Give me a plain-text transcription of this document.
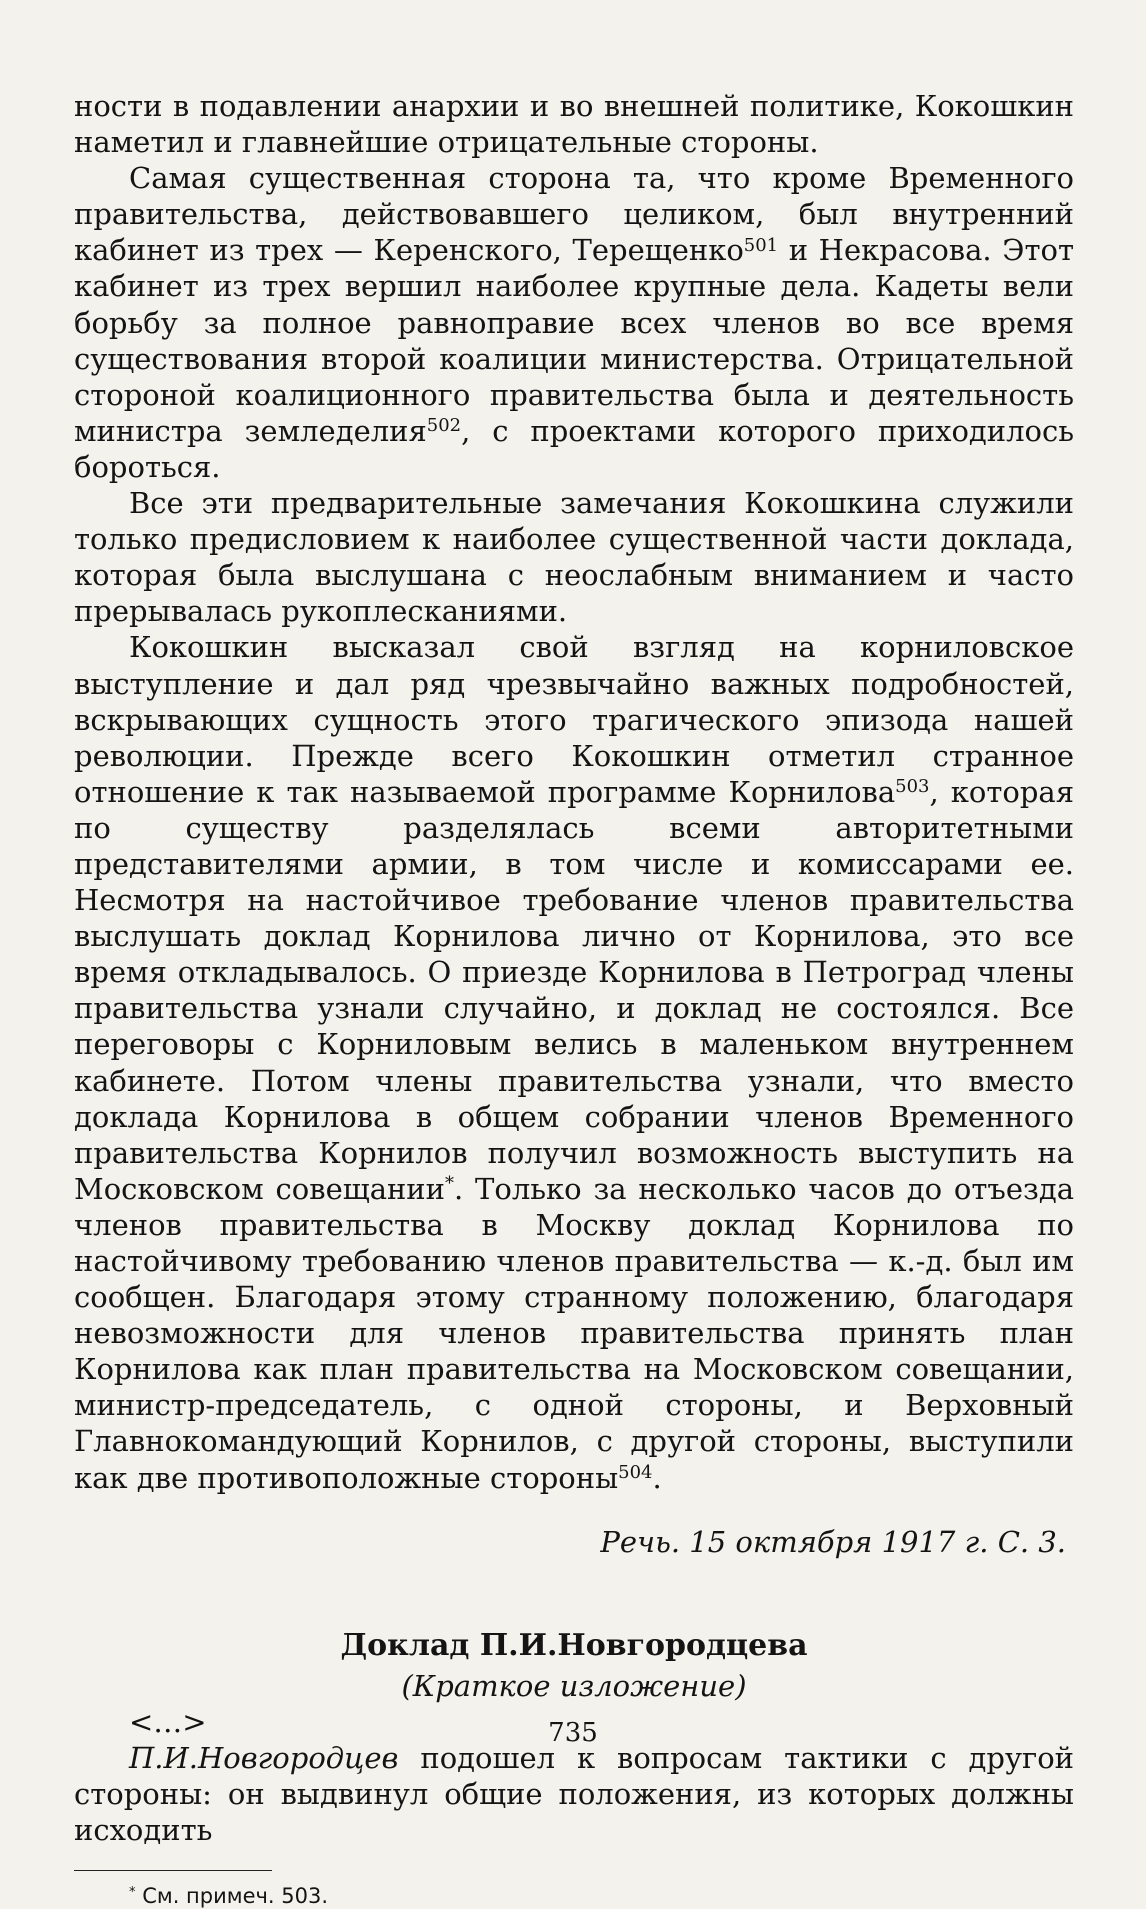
ности в подавлении анархии и во внешней политике, Кокошкин наметил и главнейшие отрицательные стороны.

Самая существенная сторона та, что кроме Временного правительства, действовавшего целиком, был внутренний кабинет из трех — Керенского, Терещенко$^{501}$ и Некрасова. Этот кабинет из трех вершил наиболее крупные дела. Кадеты вели борьбу за полное равноправие всех членов во все время существования второй коалиции министерства. Отрицательной стороной коалиционного правительства была и деятельность министра земледелия$^{502}$, с проектами которого приходилось бороться.

Все эти предварительные замечания Кокошкина служили только предисловием к наиболее существенной части доклада, которая была выслушана с неослабным вниманием и часто прерывалась рукоплесканиями.

Кокошкин высказал свой взгляд на корниловское выступление и дал ряд чрезвычайно важных подробностей, вскрывающих сущность этого трагического эпизода нашей революции. Прежде всего Кокошкин отметил странное отношение к так называемой программе Корнилова$^{503}$, которая по существу разделялась всеми авторитетными представителями армии, в том числе и комиссарами ее. Несмотря на настойчивое требование членов правительства выслушать доклад Корнилова лично от Корнилова, это все время откладывалось. О приезде Корнилова в Петроград члены правительства узнали случайно, и доклад не состоялся. Все переговоры с Корниловым велись в маленьком внутреннем кабинете. Потом члены правительства узнали, что вместо доклада Корнилова в общем собрании членов Временного правительства Корнилов получил возможность выступить на Московском совещании*. Только за несколько часов до отъезда членов правительства в Москву доклад Корнилова по настойчивому требованию членов правительства — к.-д. был им сообщен. Благодаря этому странному положению, благодаря невозможности для членов правительства принять план Корнилова как план правительства на Московском совещании, министр-председатель, с одной стороны, и Верховный Главнокомандующий Корнилов, с другой стороны, выступили как две противоположные стороны$^{504}$.

Речь. 15 октября 1917 г. С. 3.
Доклад П.И.Новгородцева
(Краткое изложение)

<…>

П.И.Новгородцев подошел к вопросам тактики с другой стороны: он выдвинул общие положения, из которых должны исходить

* См. примеч. 503.

735
